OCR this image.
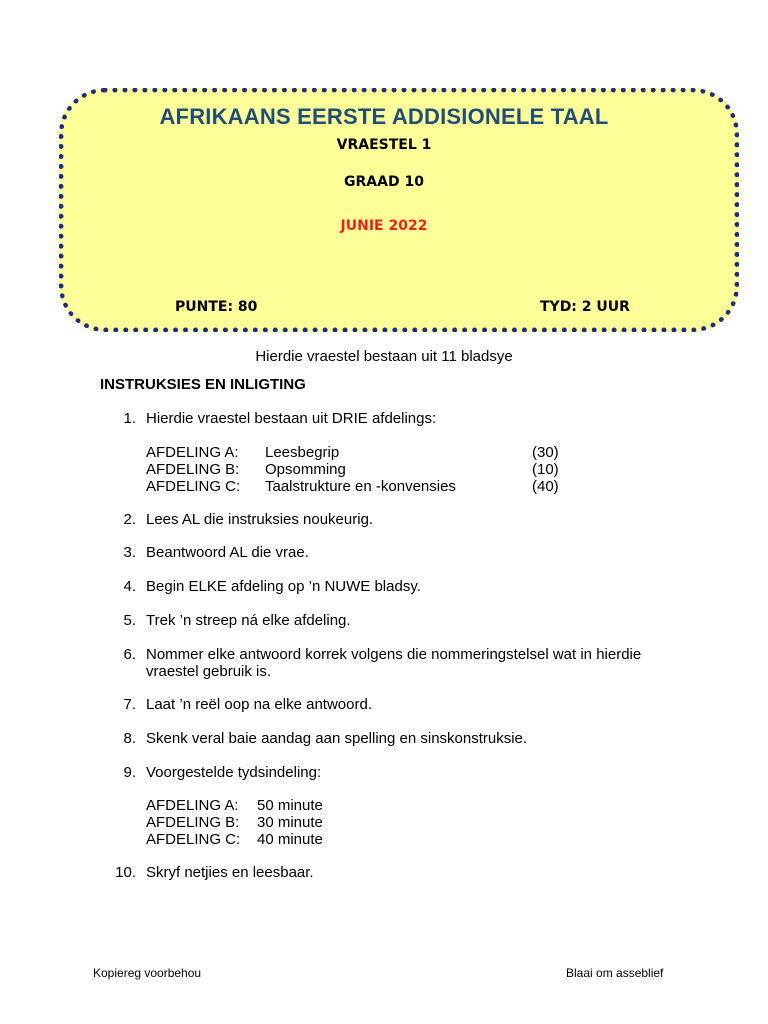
AFRIKAANS EERSTE ADDISIONELE TAAL
VRAESTEL 1
GRAAD 10
JUNIE 2022
PUNTE: 80	TYD: 2 UUR
Hierdie vraestel bestaan uit 11 bladsye
INSTRUKSIES EN INLIGTING
1. Hierdie vraestel bestaan uit DRIE afdelings:
AFDELING A: Leesbegrip	(30)
AFDELING B: Opsomming	(10)
AFDELING C: Taalstrukture en -konvensies	(40)
2. Lees AL die instruksies noukeurig.
3. Beantwoord AL die vrae.
4. Begin ELKE afdeling op ’n NUWE bladsy.
5. Trek ’n streep ná elke afdeling.
6. Nommer elke antwoord korrek volgens die nommeringstelsel wat in hierdie vraestel gebruik is.
7. Laat ’n reël oop na elke antwoord.
8. Skenk veral baie aandag aan spelling en sinskonstruksie.
9. Voorgestelde tydsindeling:
AFDELING A: 50 minute
AFDELING B: 30 minute
AFDELING C: 40 minute
10. Skryf netjies en leesbaar.
Kopiereg voorbehou	Blaai om asseblief
